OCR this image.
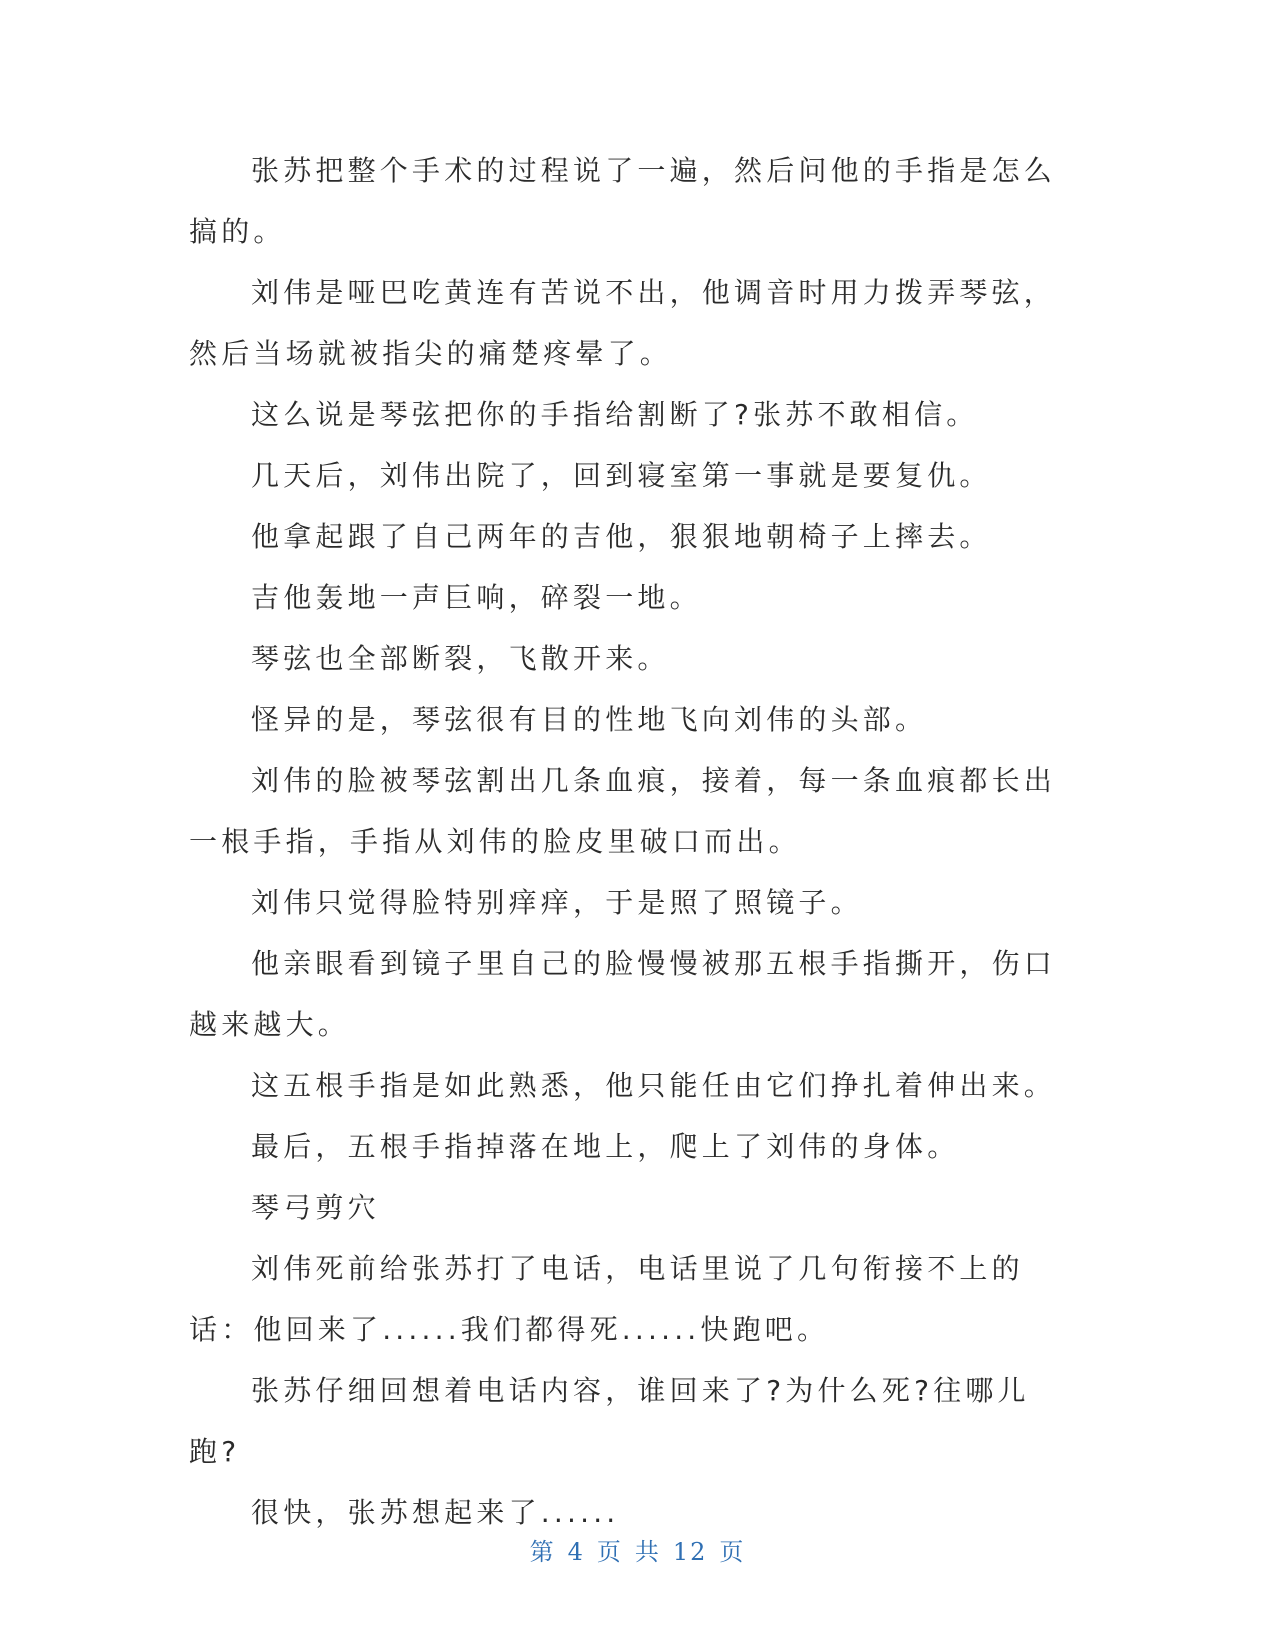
张苏把整个手术的过程说了一遍，然后问他的手指是怎么搞的。

刘伟是哑巴吃黄连有苦说不出，他调音时用力拨弄琴弦，然后当场就被指尖的痛楚疼晕了。

这么说是琴弦把你的手指给割断了?张苏不敢相信。

几天后，刘伟出院了，回到寝室第一事就是要复仇。

他拿起跟了自己两年的吉他，狠狠地朝椅子上摔去。

吉他轰地一声巨响，碎裂一地。

琴弦也全部断裂，飞散开来。

怪异的是，琴弦很有目的性地飞向刘伟的头部。

刘伟的脸被琴弦割出几条血痕，接着，每一条血痕都长出一根手指，手指从刘伟的脸皮里破口而出。

刘伟只觉得脸特别痒痒，于是照了照镜子。

他亲眼看到镜子里自己的脸慢慢被那五根手指撕开，伤口越来越大。

这五根手指是如此熟悉，他只能任由它们挣扎着伸出来。

最后，五根手指掉落在地上，爬上了刘伟的身体。

琴弓剪穴

刘伟死前给张苏打了电话，电话里说了几句衔接不上的话：他回来了......我们都得死......快跑吧。

张苏仔细回想着电话内容，谁回来了?为什么死?往哪儿跑?

很快，张苏想起来了......

第 4 页 共 12 页
